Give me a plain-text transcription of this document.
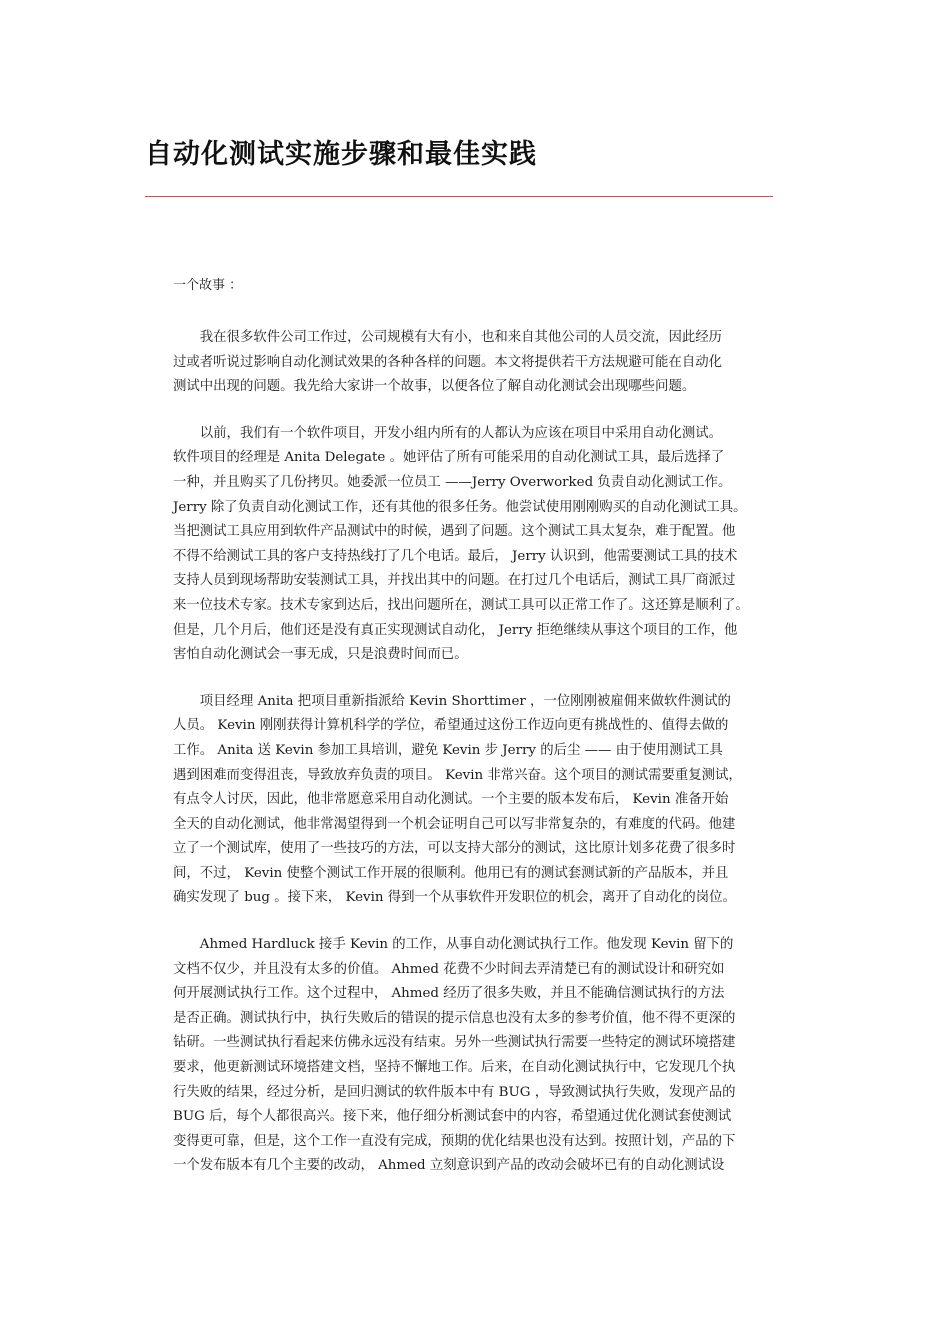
自动化测试实施步骤和最佳实践
一个故事 ：
　　我在很多软件公司工作过，公司规模有大有小，也和来自其他公司的人员交流，因此经历
过或者听说过影响自动化测试效果的各种各样的问题。本文将提供若干方法规避可能在自动化
测试中出现的问题。我先给大家讲一个故事，以便各位了解自动化测试会出现哪些问题。
　　以前，我们有一个软件项目，开发小组内所有的人都认为应该在项目中采用自动化测试。
软件项目的经理是 Anita Delegate 。她评估了所有可能采用的自动化测试工具，最后选择了
一种，并且购买了几份拷贝。她委派一位员工 ——Jerry Overworked 负责自动化测试工作。
Jerry 除了负责自动化测试工作，还有其他的很多任务。他尝试使用刚刚购买的自动化测试工具。
当把测试工具应用到软件产品测试中的时候，遇到了问题。这个测试工具太复杂，难于配置。他
不得不给测试工具的客户支持热线打了几个电话。最后， Jerry 认识到，他需要测试工具的技术
支持人员到现场帮助安装测试工具，并找出其中的问题。在打过几个电话后，测试工具厂商派过
来一位技术专家。技术专家到达后，找出问题所在，测试工具可以正常工作了。这还算是顺利了。
但是，几个月后，他们还是没有真正实现测试自动化， Jerry 拒绝继续从事这个项目的工作，他
害怕自动化测试会一事无成，只是浪费时间而已。
　　项目经理 Anita 把项目重新指派给 Kevin Shorttimer ，一位刚刚被雇佣来做软件测试的
人员。 Kevin 刚刚获得计算机科学的学位，希望通过这份工作迈向更有挑战性的、值得去做的
工作。 Anita 送 Kevin 参加工具培训，避免 Kevin 步 Jerry 的后尘 —— 由于使用测试工具
遇到困难而变得沮丧，导致放弃负责的项目。 Kevin 非常兴奋。这个项目的测试需要重复测试，
有点令人讨厌，因此，他非常愿意采用自动化测试。一个主要的版本发布后， Kevin 准备开始
全天的自动化测试，他非常渴望得到一个机会证明自己可以写非常复杂的，有难度的代码。他建
立了一个测试库，使用了一些技巧的方法，可以支持大部分的测试，这比原计划多花费了很多时
间，不过， Kevin 使整个测试工作开展的很顺利。他用已有的测试套测试新的产品版本，并且
确实发现了 bug 。接下来， Kevin 得到一个从事软件开发职位的机会，离开了自动化的岗位。
　　Ahmed Hardluck 接手 Kevin 的工作，从事自动化测试执行工作。他发现 Kevin 留下的
文档不仅少，并且没有太多的价值。 Ahmed 花费不少时间去弄清楚已有的测试设计和研究如
何开展测试执行工作。这个过程中， Ahmed 经历了很多失败，并且不能确信测试执行的方法
是否正确。测试执行中，执行失败后的错误的提示信息也没有太多的参考价值，他不得不更深的
钻研。一些测试执行看起来仿佛永远没有结束。另外一些测试执行需要一些特定的测试环境搭建
要求，他更新测试环境搭建文档，坚持不懈地工作。后来，在自动化测试执行中，它发现几个执
行失败的结果，经过分析，是回归测试的软件版本中有 BUG ，导致测试执行失败，发现产品的
BUG 后，每个人都很高兴。接下来，他仔细分析测试套中的内容，希望通过优化测试套使测试
变得更可靠，但是，这个工作一直没有完成，预期的优化结果也没有达到。按照计划，产品的下
一个发布版本有几个主要的改动， Ahmed 立刻意识到产品的改动会破坏已有的自动化测试设
